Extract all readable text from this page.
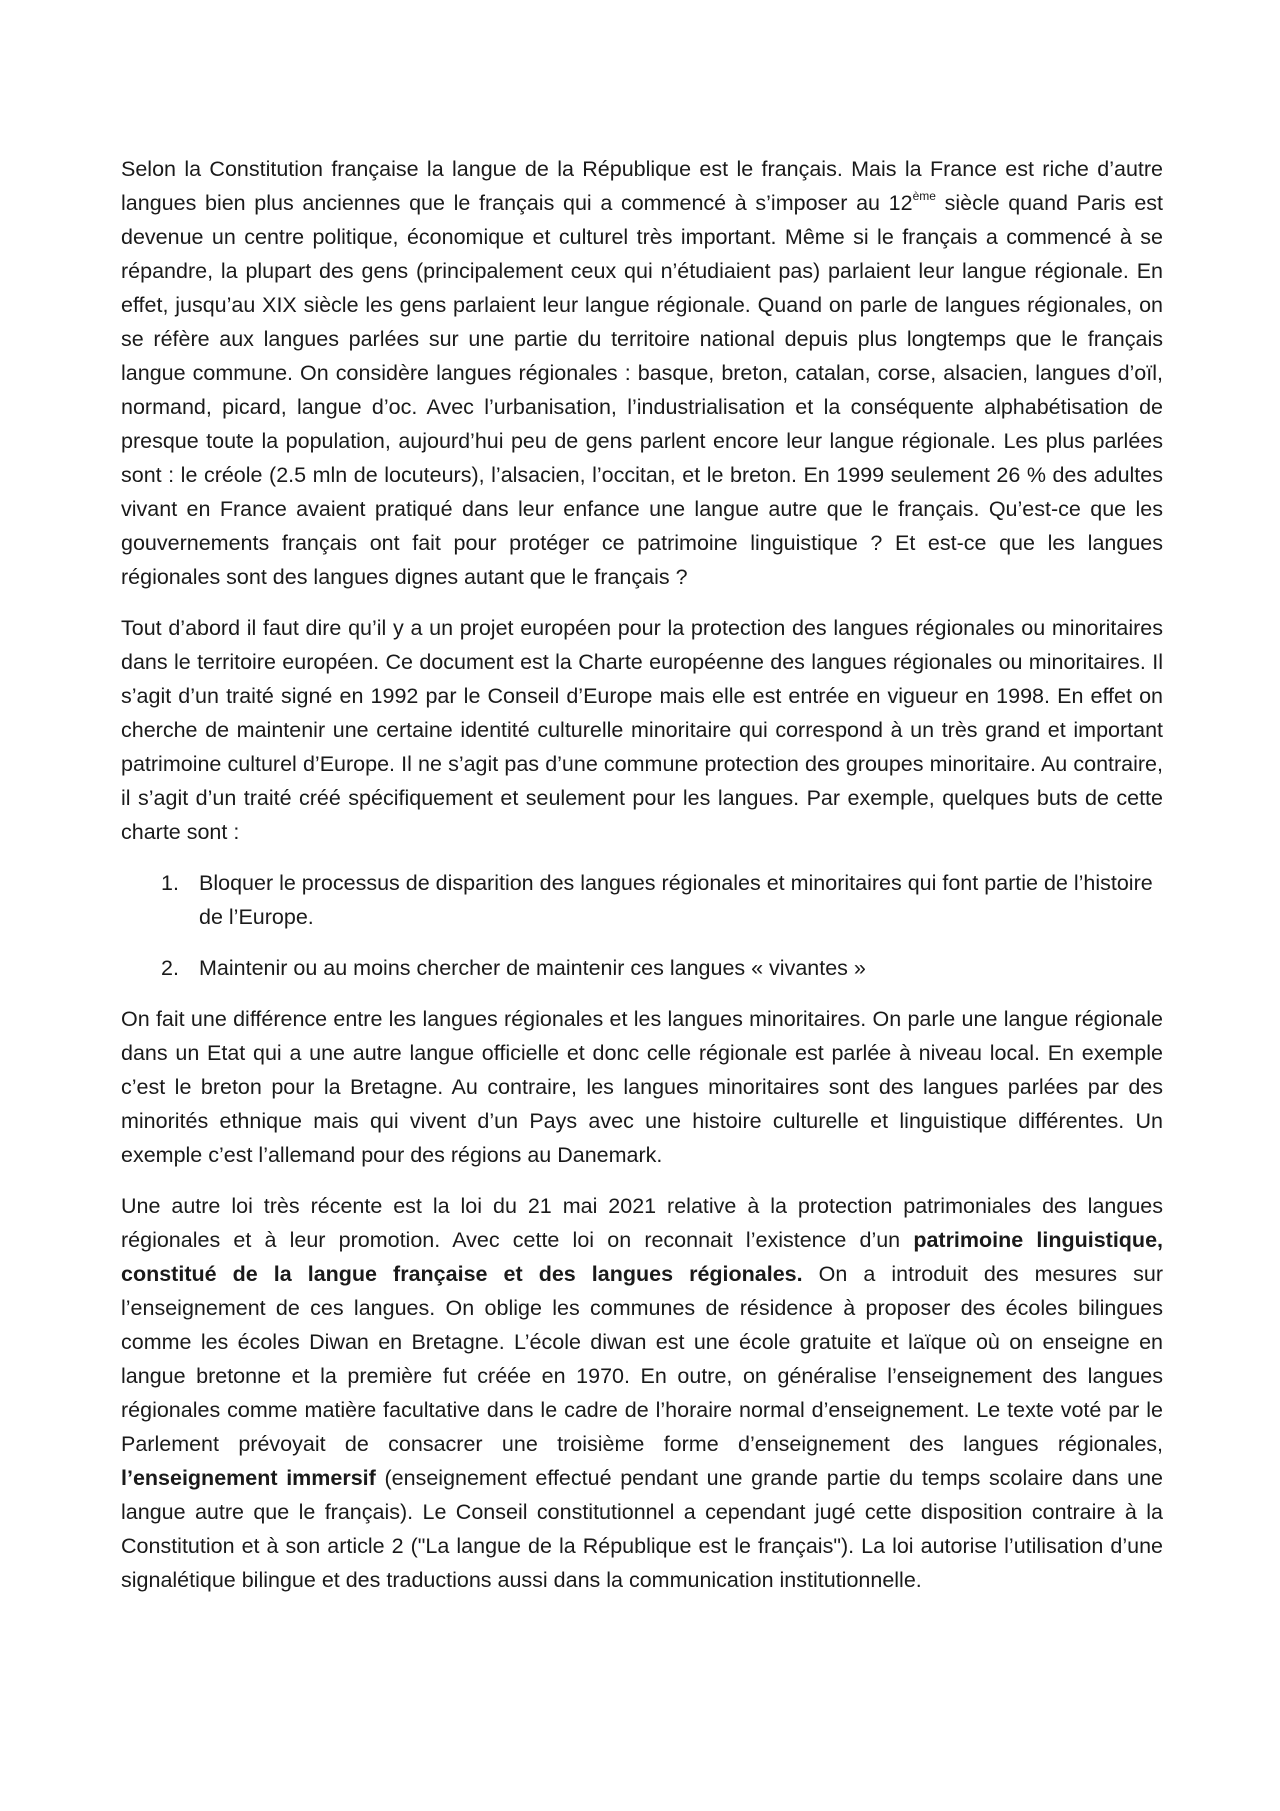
Selon la Constitution française la langue de la République est le français. Mais la France est riche d’autre langues bien plus anciennes que le français qui a commencé à s’imposer au 12ème siècle quand Paris est devenue un centre politique, économique et culturel très important. Même si le français a commencé à se répandre, la plupart des gens (principalement ceux qui n’étudiaient pas) parlaient leur langue régionale. En effet, jusqu’au XIX siècle les gens parlaient leur langue régionale. Quand on parle de langues régionales, on se réfère aux langues parlées sur une partie du territoire national depuis plus longtemps que le français langue commune. On considère langues régionales : basque, breton, catalan, corse, alsacien, langues d’oïl, normand, picard, langue d’oc. Avec l’urbanisation, l’industrialisation et la conséquente alphabétisation de presque toute la population, aujourd’hui peu de gens parlent encore leur langue régionale. Les plus parlées sont : le créole (2.5 mln de locuteurs), l’alsacien, l’occitan, et le breton. En 1999 seulement 26 % des adultes vivant en France avaient pratiqué dans leur enfance une langue autre que le français. Qu’est-ce que les gouvernements français ont fait pour protéger ce patrimoine linguistique ? Et est-ce que les langues régionales sont des langues dignes autant que le français ?

Tout d’abord il faut dire qu’il y a un projet européen pour la protection des langues régionales ou minoritaires dans le territoire européen. Ce document est la Charte européenne des langues régionales ou minoritaires. Il s’agit d’un traité signé en 1992 par le Conseil d’Europe mais elle est entrée en vigueur en 1998. En effet on cherche de maintenir une certaine identité culturelle minoritaire qui correspond à un très grand et important patrimoine culturel d’Europe. Il ne s’agit pas d’une commune protection des groupes minoritaire. Au contraire, il s’agit d’un traité créé spécifiquement et seulement pour les langues. Par exemple, quelques buts de cette charte sont :

1. Bloquer le processus de disparition des langues régionales et minoritaires qui font partie de l’histoire de l’Europe.
2. Maintenir ou au moins chercher de maintenir ces langues « vivantes »

On fait une différence entre les langues régionales et les langues minoritaires. On parle une langue régionale dans un Etat qui a une autre langue officielle et donc celle régionale est parlée à niveau local. En exemple c’est le breton pour la Bretagne. Au contraire, les langues minoritaires sont des langues parlées par des minorités ethnique mais qui vivent d’un Pays avec une histoire culturelle et linguistique différentes. Un exemple c’est l’allemand pour des régions au Danemark.

Une autre loi très récente est la loi du 21 mai 2021 relative à la protection patrimoniales des langues régionales et à leur promotion. Avec cette loi on reconnait l’existence d’un patrimoine linguistique, constitué de la langue française et des langues régionales. On a introduit des mesures sur l’enseignement de ces langues. On oblige les communes de résidence à proposer des écoles bilingues comme les écoles Diwan en Bretagne. L’école diwan est une école gratuite et laïque où on enseigne en langue bretonne et la première fut créée en 1970. En outre, on généralise l’enseignement des langues régionales comme matière facultative dans le cadre de l’horaire normal d’enseignement. Le texte voté par le Parlement prévoyait de consacrer une troisième forme d’enseignement des langues régionales, l’enseignement immersif (enseignement effectué pendant une grande partie du temps scolaire dans une langue autre que le français). Le Conseil constitutionnel a cependant jugé cette disposition contraire à la Constitution et à son article 2 ("La langue de la République est le français"). La loi autorise l’utilisation d’une signalétique bilingue et des traductions aussi dans la communication institutionnelle.
